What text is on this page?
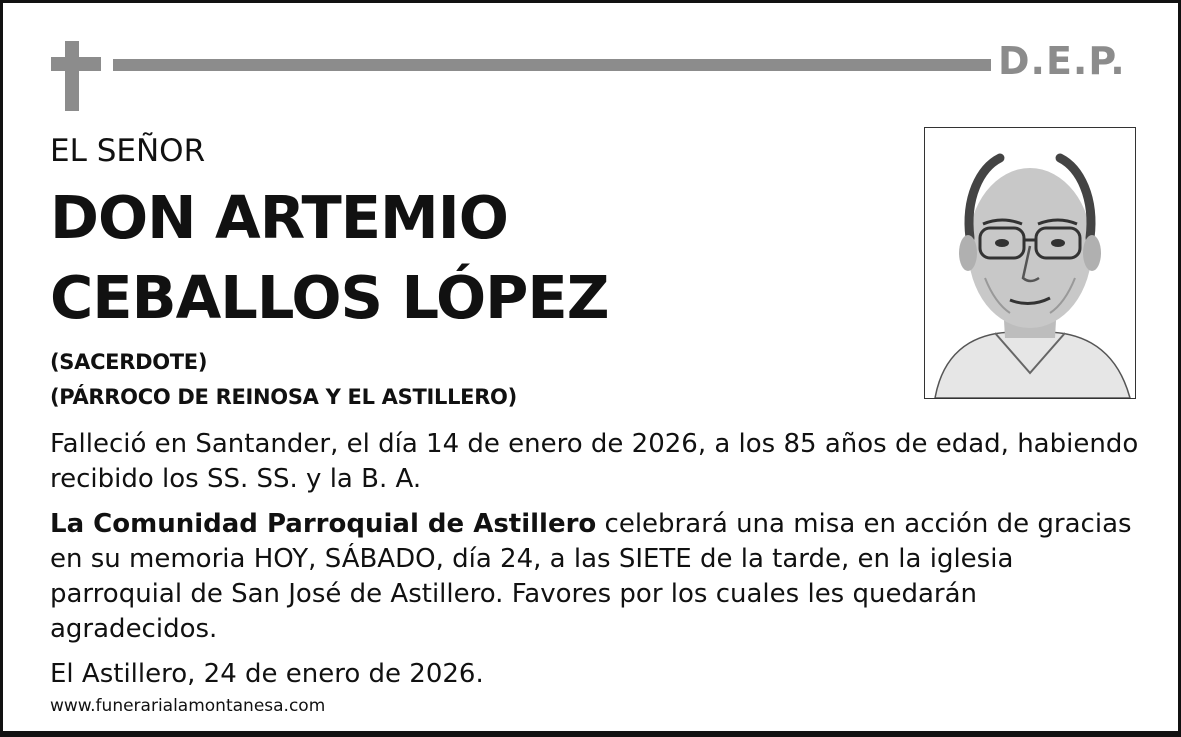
D.E.P.
EL SEÑOR
DON ARTEMIO
CEBALLOS LÓPEZ
(SACERDOTE)
(PÁRROCO DE REINOSA Y EL ASTILLERO)
Falleció en Santander, el día 14 de enero de 2026, a los 85 años de edad, habiendo recibido los SS. SS. y la B. A.
La Comunidad Parroquial de Astillero celebrará una misa en acción de gracias en su memoria HOY, SÁBADO, día 24, a las SIETE de la tarde, en la iglesia parroquial de San José de Astillero. Favores por los cuales les quedarán agradecidos.
El Astillero, 24 de enero de 2026.
www.funerarialamontanesa.com
